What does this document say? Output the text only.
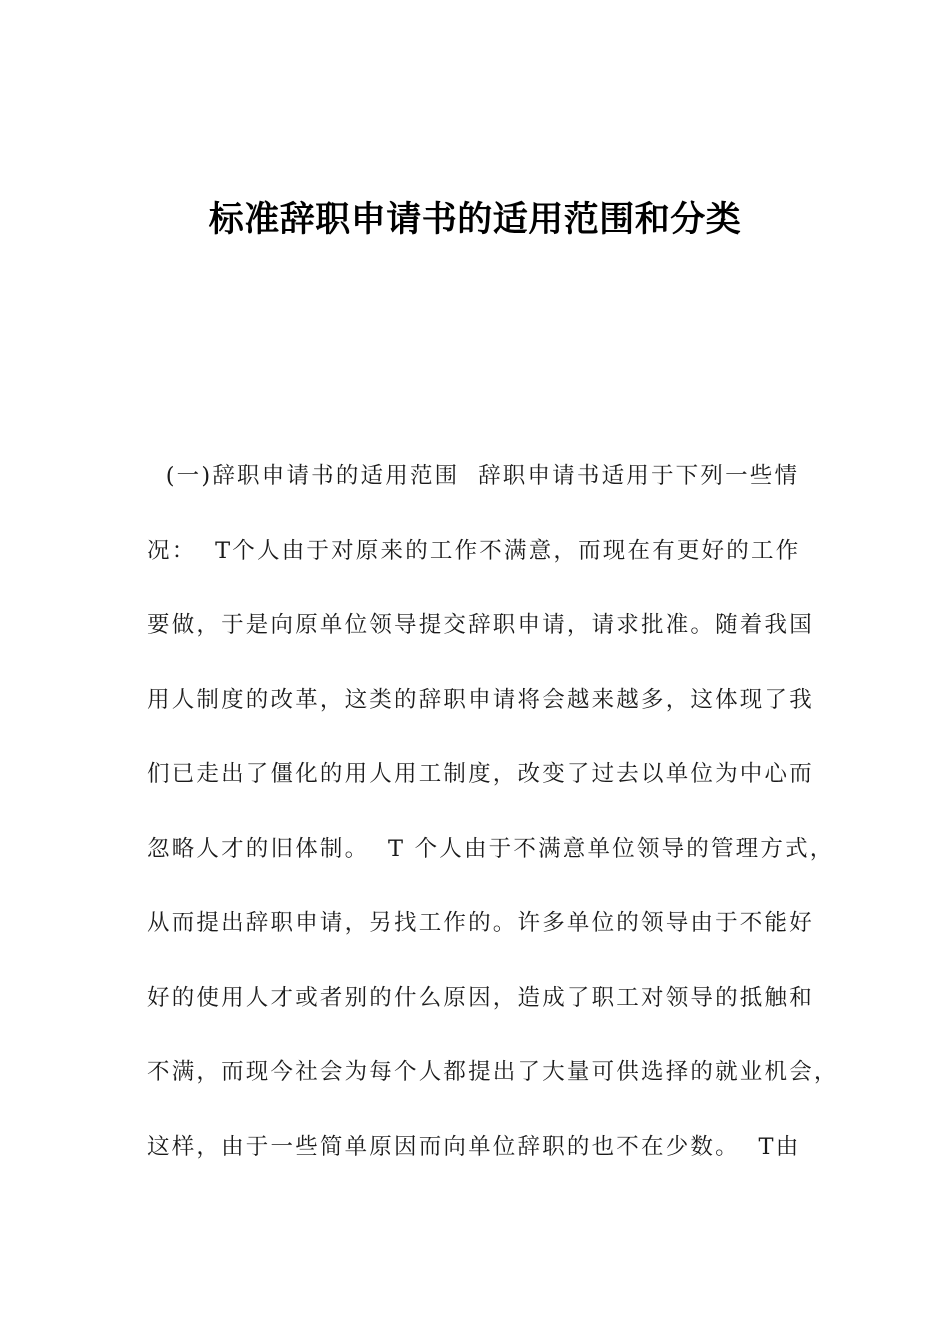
标准辞职申请书的适用范围和分类
(一)辞职申请书的适用范围  辞职申请书适用于下列一些情
况：  T个人由于对原来的工作不满意，而现在有更好的工作
要做，于是向原单位领导提交辞职申请，请求批准。随着我国
用人制度的改革，这类的辞职申请将会越来越多，这体现了我
们已走出了僵化的用人用工制度，改变了过去以单位为中心而
忽略人才的旧体制。  T 个人由于不满意单位领导的管理方式，
从而提出辞职申请，另找工作的。许多单位的领导由于不能好
好的使用人才或者别的什么原因，造成了职工对领导的抵触和
不满，而现今社会为每个人都提出了大量可供选择的就业机会，
这样，由于一些简单原因而向单位辞职的也不在少数。  T由
